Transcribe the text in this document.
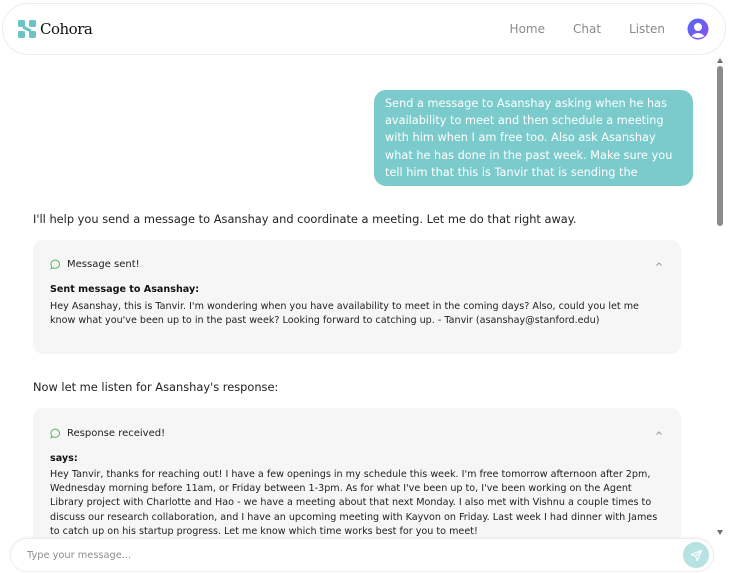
Cohora	Home Chat Listen
Send a message to Asanshay asking when he has availability to meet and then schedule a meeting with him when I am free too. Also ask Asanshay what he has done in the past week. Make sure you tell him that this is Tanvir that is sending the message.
I'll help you send a message to Asanshay and coordinate a meeting. Let me do that right away.
Message sent!
Sent message to Asanshay:
Hey Asanshay, this is Tanvir. I'm wondering when you have availability to meet in the coming days? Also, could you let me know what you've been up to in the past week? Looking forward to catching up. - Tanvir (asanshay@stanford.edu)
Now let me listen for Asanshay's response:
Response received!
says:
Hey Tanvir, thanks for reaching out! I have a few openings in my schedule this week. I'm free tomorrow afternoon after 2pm, Wednesday morning before 11am, or Friday between 1-3pm. As for what I've been up to, I've been working on the Agent Library project with Charlotte and Hao - we have a meeting about that next Monday. I also met with Vishnu a couple times to discuss our research collaboration, and I have an upcoming meeting with Kayvon on Friday. Last week I had dinner with James to catch up on his startup progress. Let me know which time works best for you to meet!
Type your message...
